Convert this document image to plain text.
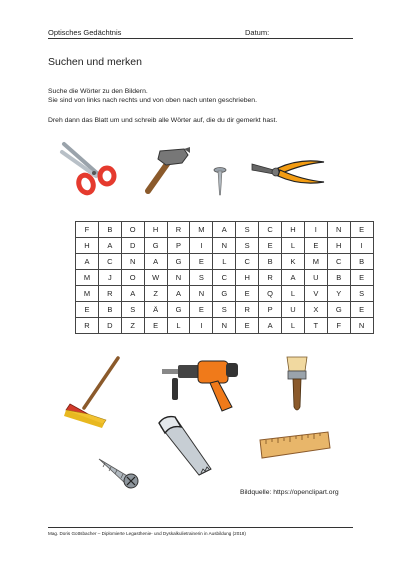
Optisches Gedächtnis	Datum:
Suchen und merken
Suche die Wörter zu den Bildern.
Sie sind von links nach rechts und von oben nach unten geschrieben.
Dreh dann das Blatt um und schreib alle Wörter auf, die du dir gemerkt hast.
F	B	O	H	R	M	A	S	C	H	I	N	E
H	A	D	G	P	I	N	S	E	L	E	H	I
A	C	N	A	G	E	L	C	B	K	M	C	B
M	J	O	W	N	S	C	H	R	A	U	B	E
M	R	A	Z	A	N	G	E	Q	L	V	Y	S
E	B	S	Ä	G	E	S	R	P	U	X	G	E
R	D	Z	E	L	I	N	E	A	L	T	F	N
Bildquelle: https://openclipart.org
Mag. Doris Gottsbacher – Diplomierte Legasthenie- und Dyskalkulietrainerin in Ausbildung (2018)
